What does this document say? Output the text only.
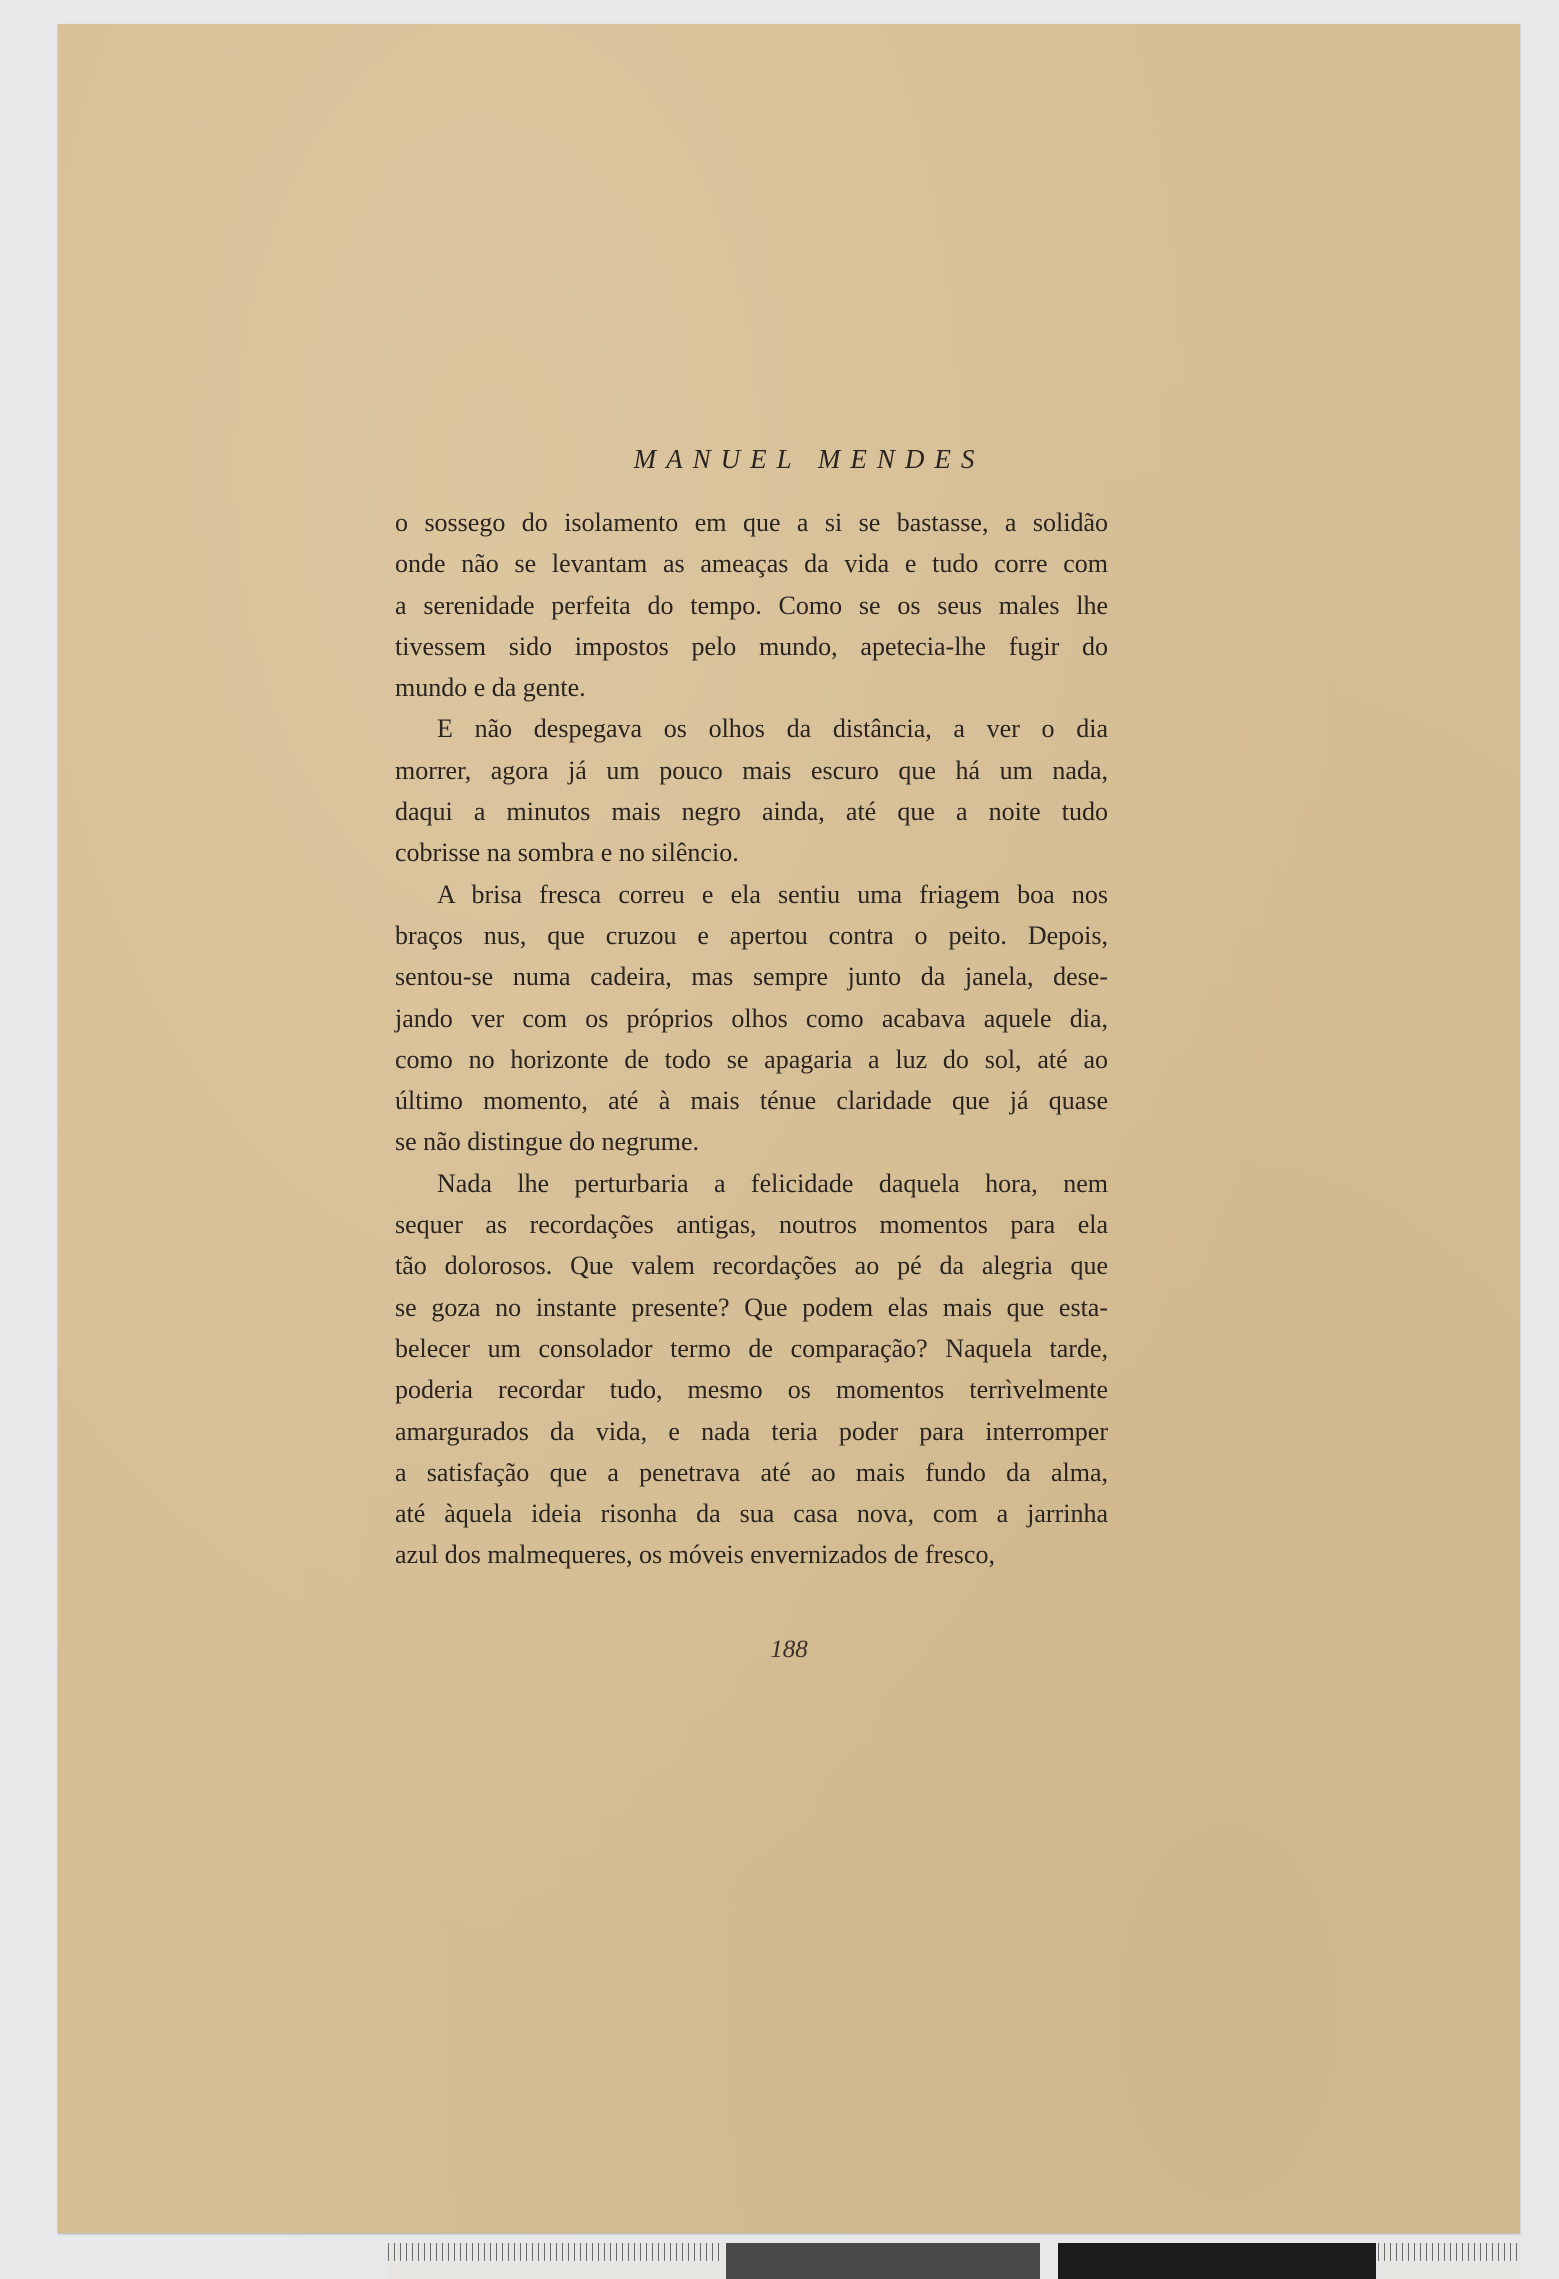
MANUEL MENDES
o sossego do isolamento em que a si se bastasse, a solidão
onde não se levantam as ameaças da vida e tudo corre com
a serenidade perfeita do tempo. Como se os seus males lhe
tivessem sido impostos pelo mundo, apetecia-lhe fugir do
mundo e da gente.
E não despegava os olhos da distância, a ver o dia
morrer, agora já um pouco mais escuro que há um nada,
daqui a minutos mais negro ainda, até que a noite tudo
cobrisse na sombra e no silêncio.
A brisa fresca correu e ela sentiu uma friagem boa nos
braços nus, que cruzou e apertou contra o peito. Depois,
sentou-se numa cadeira, mas sempre junto da janela, dese-
jando ver com os próprios olhos como acabava aquele dia,
como no horizonte de todo se apagaria a luz do sol, até ao
último momento, até à mais ténue claridade que já quase
se não distingue do negrume.
Nada lhe perturbaria a felicidade daquela hora, nem
sequer as recordações antigas, noutros momentos para ela
tão dolorosos. Que valem recordações ao pé da alegria que
se goza no instante presente? Que podem elas mais que esta-
belecer um consolador termo de comparação? Naquela tarde,
poderia recordar tudo, mesmo os momentos terrìvelmente
amargurados da vida, e nada teria poder para interromper
a satisfação que a penetrava até ao mais fundo da alma,
até àquela ideia risonha da sua casa nova, com a jarrinha
azul dos malmequeres, os móveis envernizados de fresco,
188
